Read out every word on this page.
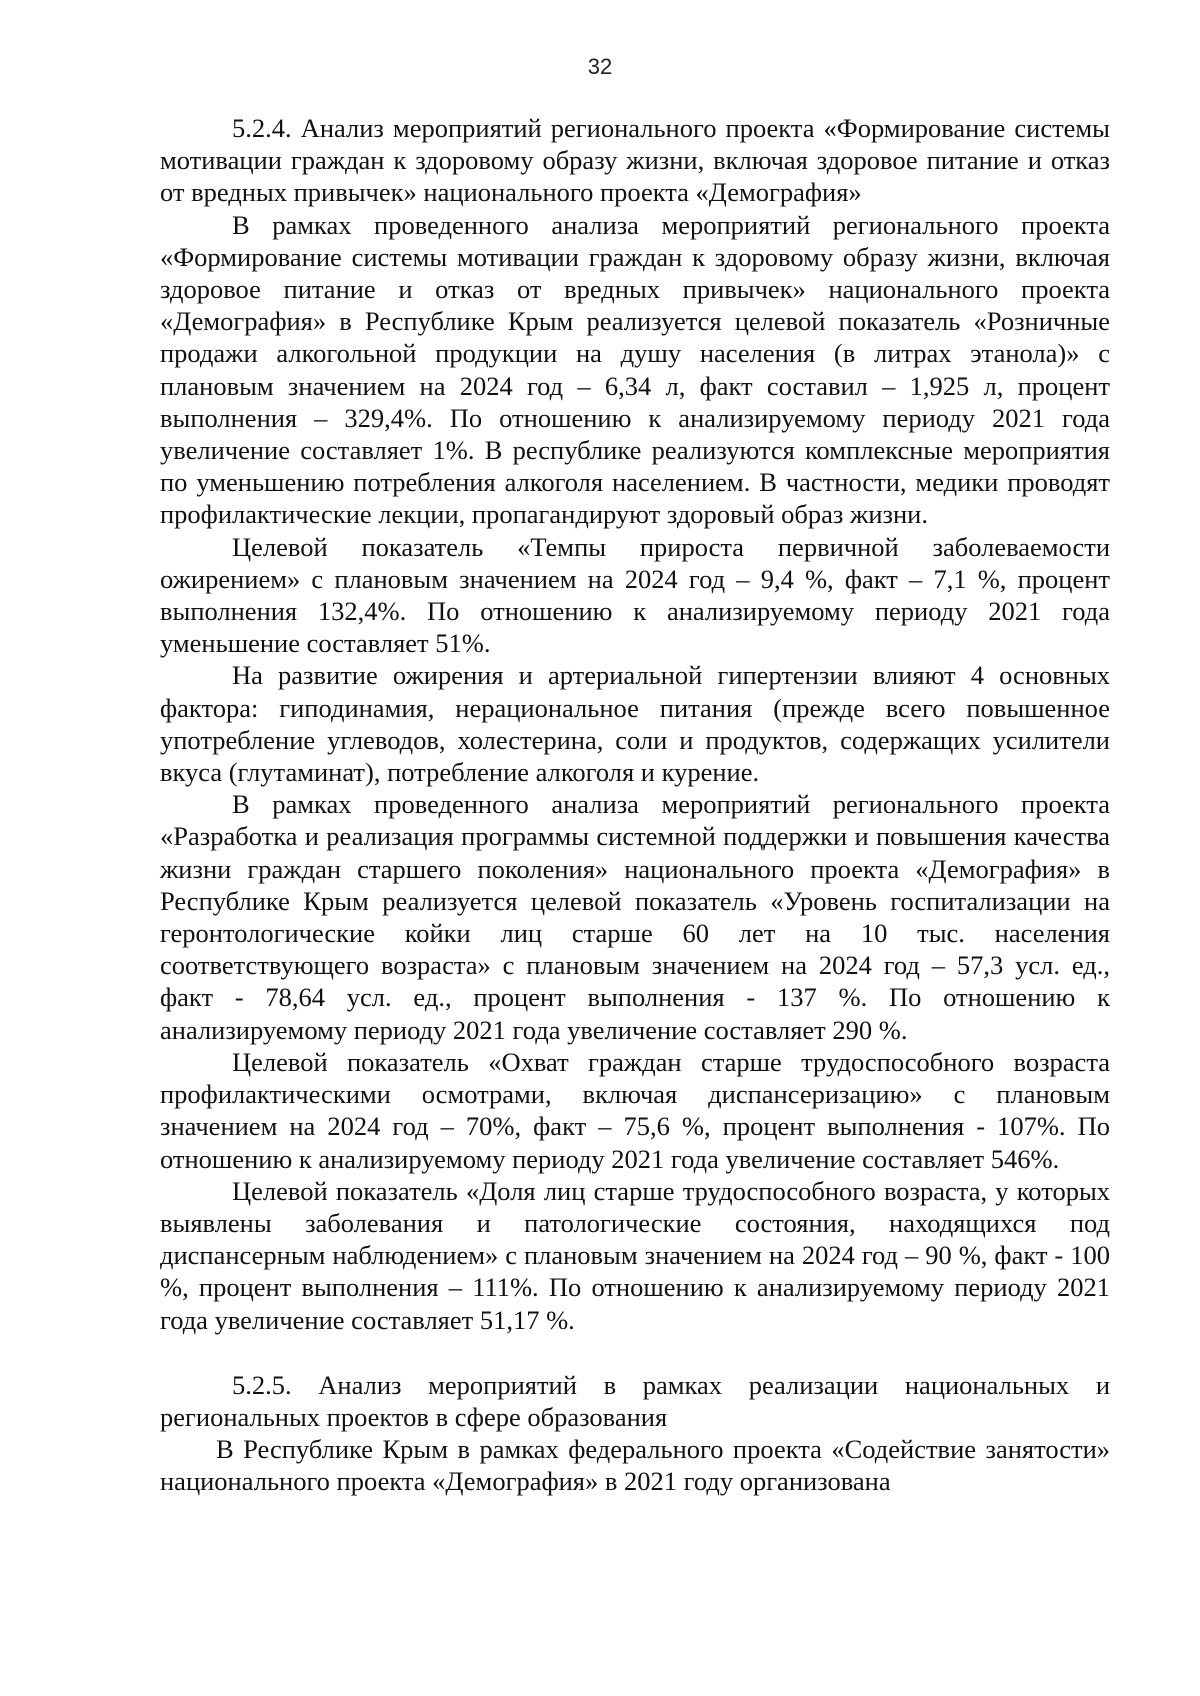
32

5.2.4. Анализ мероприятий регионального проекта «Формирование системы мотивации граждан к здоровому образу жизни, включая здоровое питание и отказ от вредных привычек» национального проекта «Демография»

В рамках проведенного анализа мероприятий регионального проекта «Формирование системы мотивации граждан к здоровому образу жизни, включая здоровое питание и отказ от вредных привычек» национального проекта «Демография» в Республике Крым реализуется целевой показатель «Розничные продажи алкогольной продукции на душу населения (в литрах этанола)» с плановым значением на 2024 год – 6,34 л, факт составил – 1,925 л, процент выполнения – 329,4%. По отношению к анализируемому периоду 2021 года увеличение составляет 1%. В республике реализуются комплексные мероприятия по уменьшению потребления алкоголя населением. В частности, медики проводят профилактические лекции, пропагандируют здоровый образ жизни.

Целевой показатель «Темпы прироста первичной заболеваемости ожирением» с плановым значением на 2024 год – 9,4 %, факт – 7,1 %, процент выполнения 132,4%. По отношению к анализируемому периоду 2021 года уменьшение составляет 51%.

На развитие ожирения и артериальной гипертензии влияют 4 основных фактора: гиподинамия, нерациональное питания (прежде всего повышенное употребление углеводов, холестерина, соли и продуктов, содержащих усилители вкуса (глутаминат), потребление алкоголя и курение.

В рамках проведенного анализа мероприятий регионального проекта «Разработка и реализация программы системной поддержки и повышения качества жизни граждан старшего поколения» национального проекта «Демография» в Республике Крым реализуется целевой показатель «Уровень госпитализации на геронтологические койки лиц старше 60 лет на 10 тыс. населения соответствующего возраста» с плановым значением на 2024 год – 57,3 усл. ед., факт - 78,64 усл. ед., процент выполнения - 137 %. По отношению к анализируемому периоду 2021 года увеличение составляет 290 %.

Целевой показатель «Охват граждан старше трудоспособного возраста профилактическими осмотрами, включая диспансеризацию» с плановым значением на 2024 год – 70%, факт – 75,6 %, процент выполнения - 107%. По отношению к анализируемому периоду 2021 года увеличение составляет 546%.

Целевой показатель «Доля лиц старше трудоспособного возраста, у которых выявлены заболевания и патологические состояния, находящихся под диспансерным наблюдением» с плановым значением на 2024 год – 90 %, факт - 100 %, процент выполнения – 111%. По отношению к анализируемому периоду 2021 года увеличение составляет 51,17 %.

5.2.5. Анализ мероприятий в рамках реализации национальных и региональных проектов в сфере образования

В Республике Крым в рамках федерального проекта «Содействие занятости» национального проекта «Демография» в 2021 году организована
